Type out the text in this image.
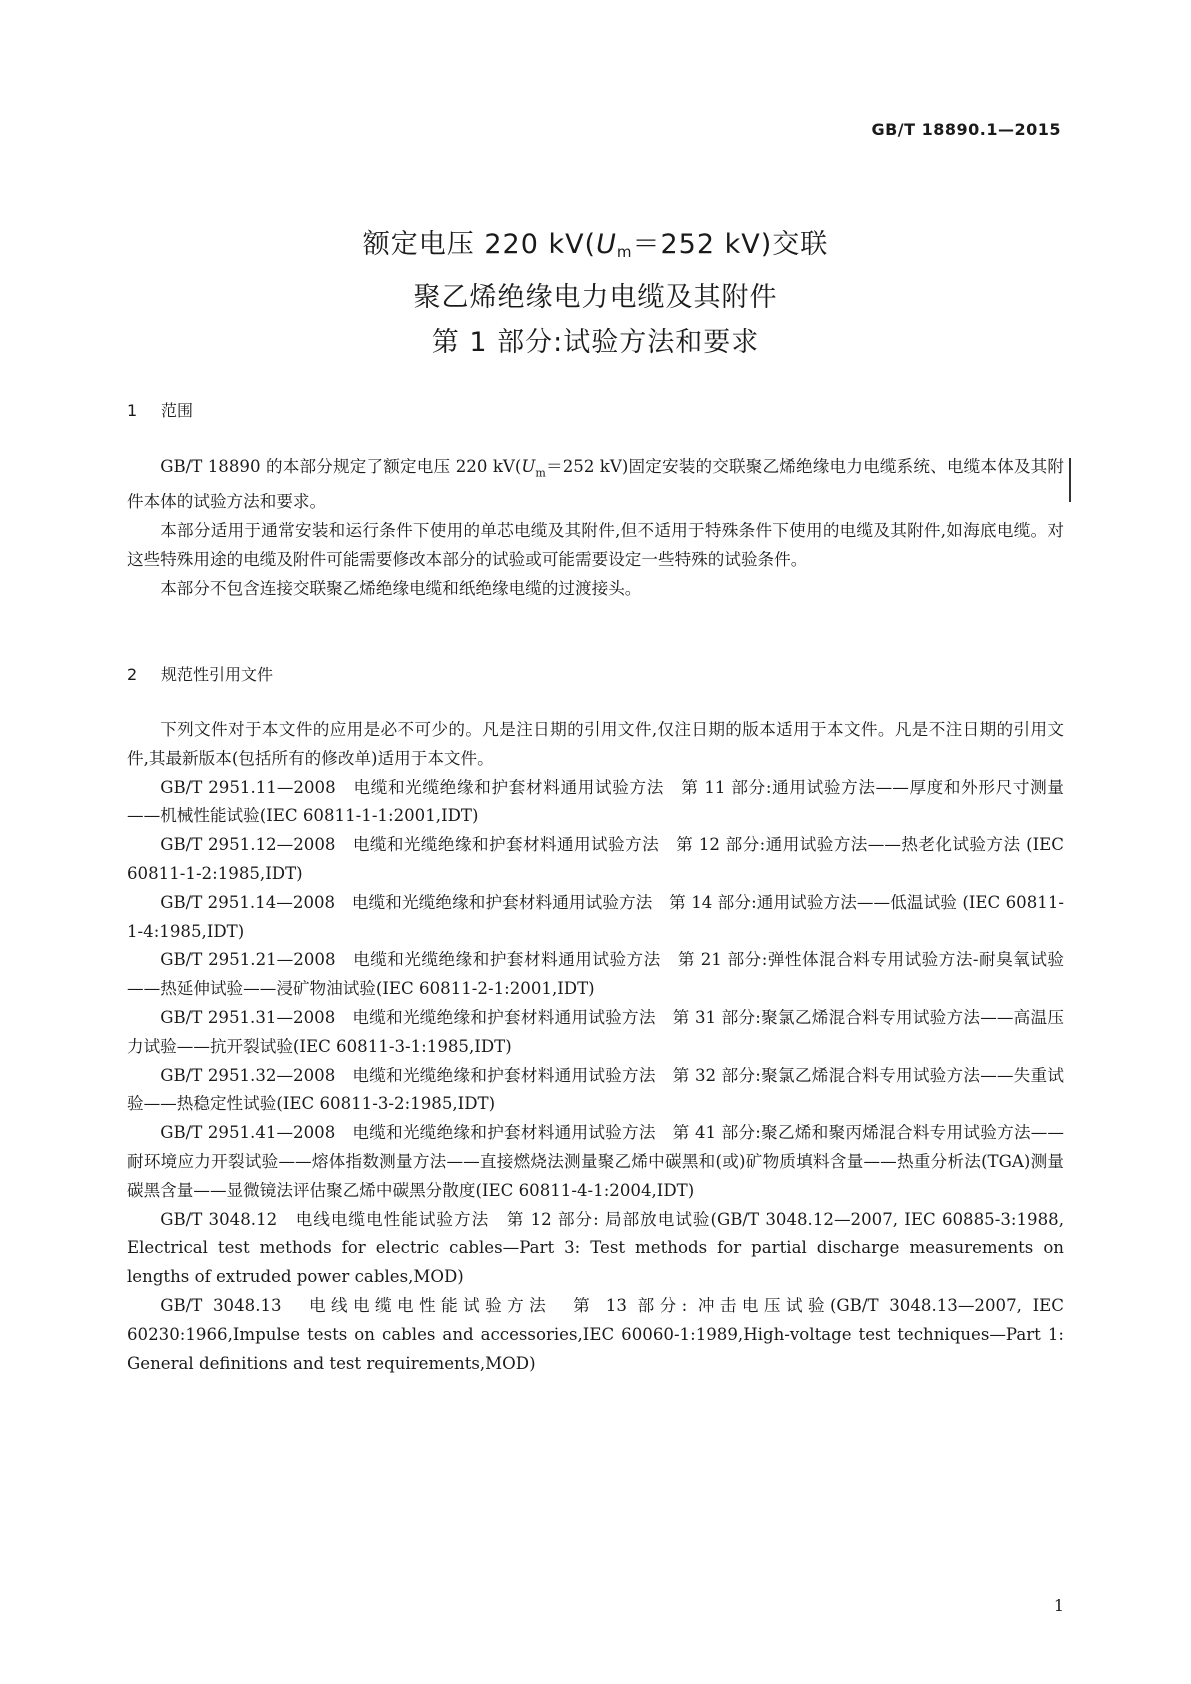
GB/T 18890.1—2015
额定电压 220 $kV(U_m=252$ kV)交联
聚乙烯绝缘电力电缆及其附件
第 1 部分:试验方法和要求
1 范围

GB/T 18890 的本部分规定了额定电压 220 $kV(U_m=252$ kV)固定安装的交联聚乙烯绝缘电力电缆系统、电缆本体及其附件本体的试验方法和要求。

本部分适用于通常安装和运行条件下使用的单芯电缆及其附件,但不适用于特殊条件下使用的电缆及其附件,如海底电缆。对这些特殊用途的电缆及附件可能需要修改本部分的试验或可能需要设定一些特殊的试验条件。

本部分不包含连接交联聚乙烯绝缘电缆和纸绝缘电缆的过渡接头。

2 规范性引用文件

下列文件对于本文件的应用是必不可少的。凡是注日期的引用文件,仅注日期的版本适用于本文件。凡是不注日期的引用文件,其最新版本(包括所有的修改单)适用于本文件。

GB/T 2951.11—2008　电缆和光缆绝缘和护套材料通用试验方法　第 11 部分:通用试验方法——厚度和外形尺寸测量——机械性能试验(IEC 60811-1-1:2001,IDT)

GB/T 2951.12—2008　电缆和光缆绝缘和护套材料通用试验方法　第 12 部分:通用试验方法——热老化试验方法 (IEC 60811-1-2:1985,IDT)

GB/T 2951.14—2008　电缆和光缆绝缘和护套材料通用试验方法　第 14 部分:通用试验方法——低温试验 (IEC 60811-1-4:1985,IDT)

GB/T 2951.21—2008　电缆和光缆绝缘和护套材料通用试验方法　第 21 部分:弹性体混合料专用试验方法-耐臭氧试验——热延伸试验——浸矿物油试验(IEC 60811-2-1:2001,IDT)

GB/T 2951.31—2008　电缆和光缆绝缘和护套材料通用试验方法　第 31 部分:聚氯乙烯混合料专用试验方法——高温压力试验——抗开裂试验(IEC 60811-3-1:1985,IDT)

GB/T 2951.32—2008　电缆和光缆绝缘和护套材料通用试验方法　第 32 部分:聚氯乙烯混合料专用试验方法——失重试验——热稳定性试验(IEC 60811-3-2:1985,IDT)

GB/T 2951.41—2008　电缆和光缆绝缘和护套材料通用试验方法　第 41 部分:聚乙烯和聚丙烯混合料专用试验方法——耐环境应力开裂试验——熔体指数测量方法——直接燃烧法测量聚乙烯中碳黑和(或)矿物质填料含量——热重分析法(TGA)测量碳黑含量——显微镜法评估聚乙烯中碳黑分散度(IEC 60811-4-1:2004,IDT)

GB/T 3048.12　电线电缆电性能试验方法　第 12 部分: 局部放电试验(GB/T 3048.12—2007, IEC 60885-3:1988, Electrical test methods for electric cables—Part 3: Test methods for partial discharge measurements on lengths of extruded power cables,MOD)

GB/T 3048.13　电线电缆电性能试验方法　第 13 部分: 冲击电压试验(GB/T 3048.13—2007, IEC 60230:1966,Impulse tests on cables and accessories,IEC 60060-1:1989,High-voltage test techniques—Part 1: General definitions and test requirements,MOD)

1
